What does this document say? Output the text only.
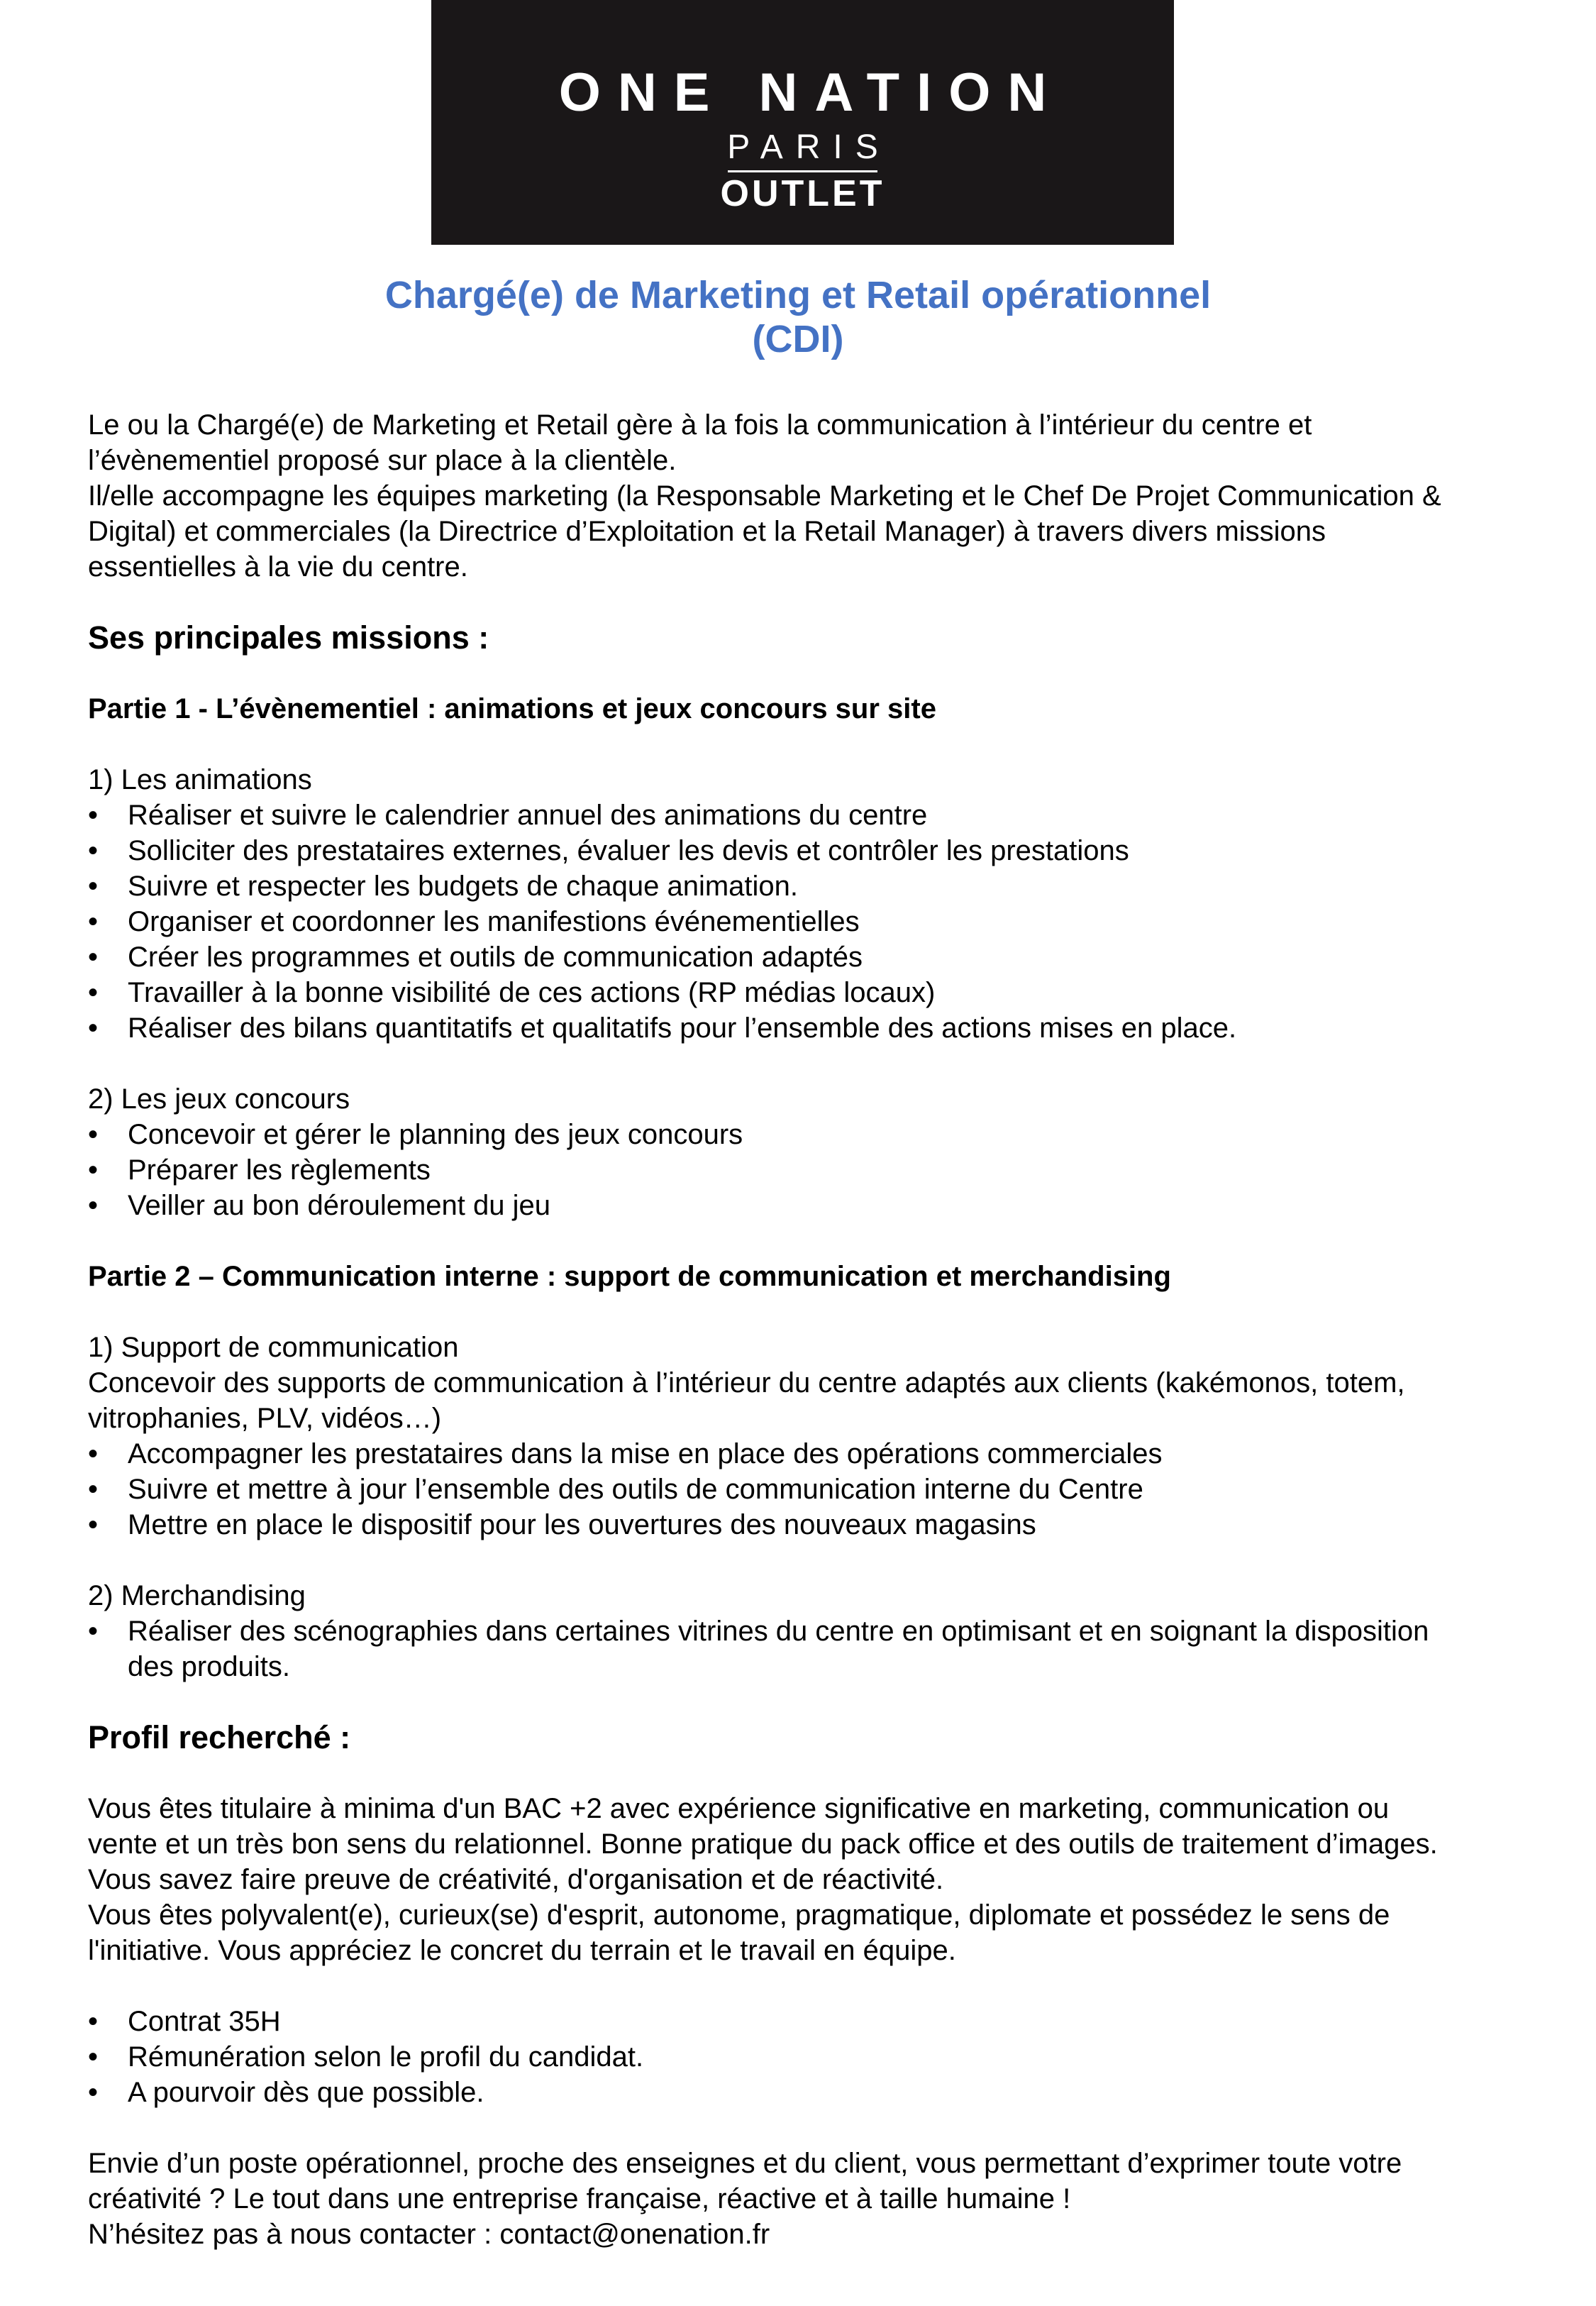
ONE NATION
PARIS
OUTLET
Chargé(e) de Marketing et Retail opérationnel
(CDI)

Le ou la Chargé(e) de Marketing et Retail gère à la fois la communication à l’intérieur du centre et

l’évènementiel proposé sur place à la clientèle.

Il/elle accompagne les équipes marketing (la Responsable Marketing et le Chef De Projet Communication &

Digital) et commerciales (la Directrice d’Exploitation et la Retail Manager) à travers divers missions

essentielles à la vie du centre.

Ses principales missions :

Partie 1 - L’évènementiel : animations et jeux concours sur site

1) Les animations

• Réaliser et suivre le calendrier annuel des animations du centre
• Solliciter des prestataires externes, évaluer les devis et contrôler les prestations
• Suivre et respecter les budgets de chaque animation.
• Organiser et coordonner les manifestions événementielles
• Créer les programmes et outils de communication adaptés
• Travailler à la bonne visibilité de ces actions (RP médias locaux)
• Réaliser des bilans quantitatifs et qualitatifs pour l’ensemble des actions mises en place.

2) Les jeux concours

• Concevoir et gérer le planning des jeux concours
• Préparer les règlements
• Veiller au bon déroulement du jeu

Partie 2 – Communication interne : support de communication et merchandising

1) Support de communication

Concevoir des supports de communication à l’intérieur du centre adaptés aux clients (kakémonos, totem,

vitrophanies, PLV, vidéos…)

• Accompagner les prestataires dans la mise en place des opérations commerciales
• Suivre et mettre à jour l’ensemble des outils de communication interne du Centre
• Mettre en place le dispositif pour les ouvertures des nouveaux magasins

2) Merchandising

• Réaliser des scénographies dans certaines vitrines du centre en optimisant et en soignant la disposition
des produits.

Profil recherché :

Vous êtes titulaire à minima d'un BAC +2 avec expérience significative en marketing, communication ou

vente et un très bon sens du relationnel. Bonne pratique du pack office et des outils de traitement d’images.

Vous savez faire preuve de créativité, d'organisation et de réactivité.

Vous êtes polyvalent(e), curieux(se) d'esprit, autonome, pragmatique, diplomate et possédez le sens de

l'initiative. Vous appréciez le concret du terrain et le travail en équipe.

• Contrat 35H
• Rémunération selon le profil du candidat.
• A pourvoir dès que possible.

Envie d’un poste opérationnel, proche des enseignes et du client, vous permettant d’exprimer toute votre

créativité ? Le tout dans une entreprise française, réactive et à taille humaine !

N’hésitez pas à nous contacter : contact@onenation.fr
